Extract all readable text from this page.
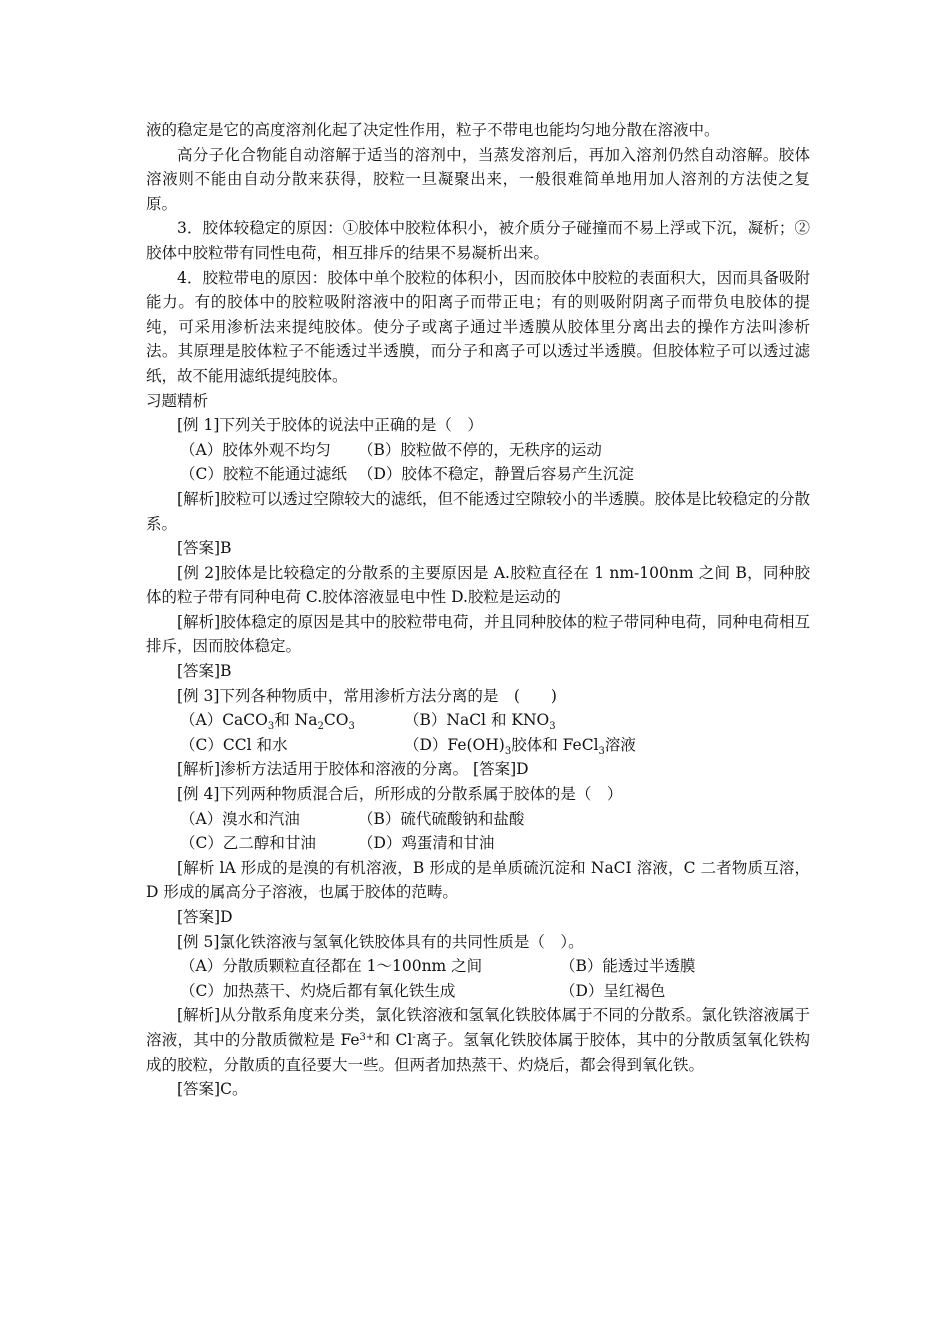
液的稳定是它的高度溶剂化起了决定性作用，粒子不带电也能均匀地分散在溶液中。

高分子化合物能自动溶解于适当的溶剂中，当蒸发溶剂后，再加入溶剂仍然自动溶解。胶体溶液则不能由自动分散来获得，胶粒一旦凝聚出来，一般很难简单地用加人溶剂的方法使之复原。

3．胶体较稳定的原因：①胶体中胶粒体积小，被介质分子碰撞而不易上浮或下沉，凝析；②胶体中胶粒带有同性电荷，相互排斥的结果不易凝析出来。

4．胶粒带电的原因：胶体中单个胶粒的体积小，因而胶体中胶粒的表面积大，因而具备吸附能力。有的胶体中的胶粒吸附溶液中的阳离子而带正电；有的则吸附阴离子而带负电胶体的提纯，可采用渗析法来提纯胶体。使分子或离子通过半透膜从胶体里分离出去的操作方法叫渗析法。其原理是胶体粒子不能透过半透膜，而分子和离子可以透过半透膜。但胶体粒子可以透过滤纸，故不能用滤纸提纯胶体。

习题精析

[例 1]下列关于胶体的说法中正确的是（　）

（A）胶体外观不均匀 （B）胶粒做不停的，无秩序的运动
（C）胶粒不能通过滤纸 （D）胶体不稳定，静置后容易产生沉淀

[解析]胶粒可以透过空隙较大的滤纸，但不能透过空隙较小的半透膜。胶体是比较稳定的分散系。

[答案]B

[例 2]胶体是比较稳定的分散系的主要原因是 A.胶粒直径在 1 nm-100nm 之间 B，同种胶体的粒子带有同种电荷 C.胶体溶液显电中性 D.胶粒是运动的

[解析]胶体稳定的原因是其中的胶粒带电荷，并且同种胶体的粒子带同种电荷，同种电荷相互排斥，因而胶体稳定。

[答案]B

[例 3]下列各种物质中，常用渗析方法分离的是　(　　)

（A）CaCO$_3$和 $Na_2CO_3$	（B）NaCl 和 $KNO_3$
（C）CCl 和水	$(D)Fe(OH)_3$胶体和 FeCl$_3$溶液

[解析]渗析方法适用于胶体和溶液的分离。 [答案]D

[例 4]下列两种物质混合后，所形成的分散系属于胶体的是（　）

（A）溴水和汽油	（B）硫代硫酸钠和盐酸
（C）乙二醇和甘油	（D）鸡蛋清和甘油

[解析 lA 形成的是溴的有机溶液，B 形成的是单质硫沉淀和 NaCI 溶液，C 二者物质互溶，D 形成的属高分子溶液，也属于胶体的范畴。

[答案]D

[例 5]氯化铁溶液与氢氧化铁胶体具有的共同性质是（　）。

（A）分散质颗粒直径都在 1～100nm 之间	（B）能透过半透膜
（C）加热蒸干、灼烧后都有氧化铁生成	（D）呈红褐色

[解析]从分散系角度来分类，氯化铁溶液和氢氧化铁胶体属于不同的分散系。氯化铁溶液属于溶液，其中的分散质微粒是 $Fe^{3+}$和 Cl-离子。氢氧化铁胶体属于胶体，其中的分散质氢氧化铁构成的胶粒，分散质的直径要大一些。但两者加热蒸干、灼烧后，都会得到氧化铁。

[答案]C。
